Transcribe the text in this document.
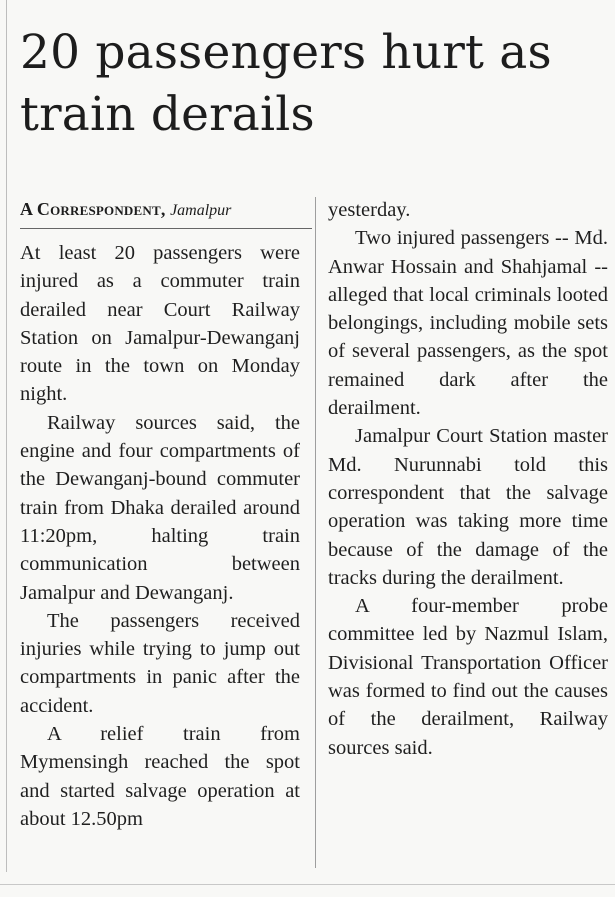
20 passengers hurt as train derails
A Correspondent, Jamalpur

At least 20 passengers were injured as a commuter train derailed near Court Railway Station on Jamalpur-Dewanganj route in the town on Monday night.

Railway sources said, the engine and four compartments of the Dewanganj-bound commuter train from Dhaka derailed around 11:20pm, halting train communication between Jamalpur and Dewanganj.

The passengers received injuries while trying to jump out compartments in panic after the accident.

A relief train from Mymensingh reached the spot and started salvage operation at about 12.50pm

yesterday.

Two injured passengers -- Md. Anwar Hossain and Shahjamal -- alleged that local criminals looted belongings, including mobile sets of several passengers, as the spot remained dark after the derailment.

Jamalpur Court Station master Md. Nurunnabi told this correspondent that the salvage operation was taking more time because of the damage of the tracks during the derailment.

A four-member probe committee led by Nazmul Islam, Divisional Transportation Officer was formed to find out the causes of the derailment, Railway sources said.
